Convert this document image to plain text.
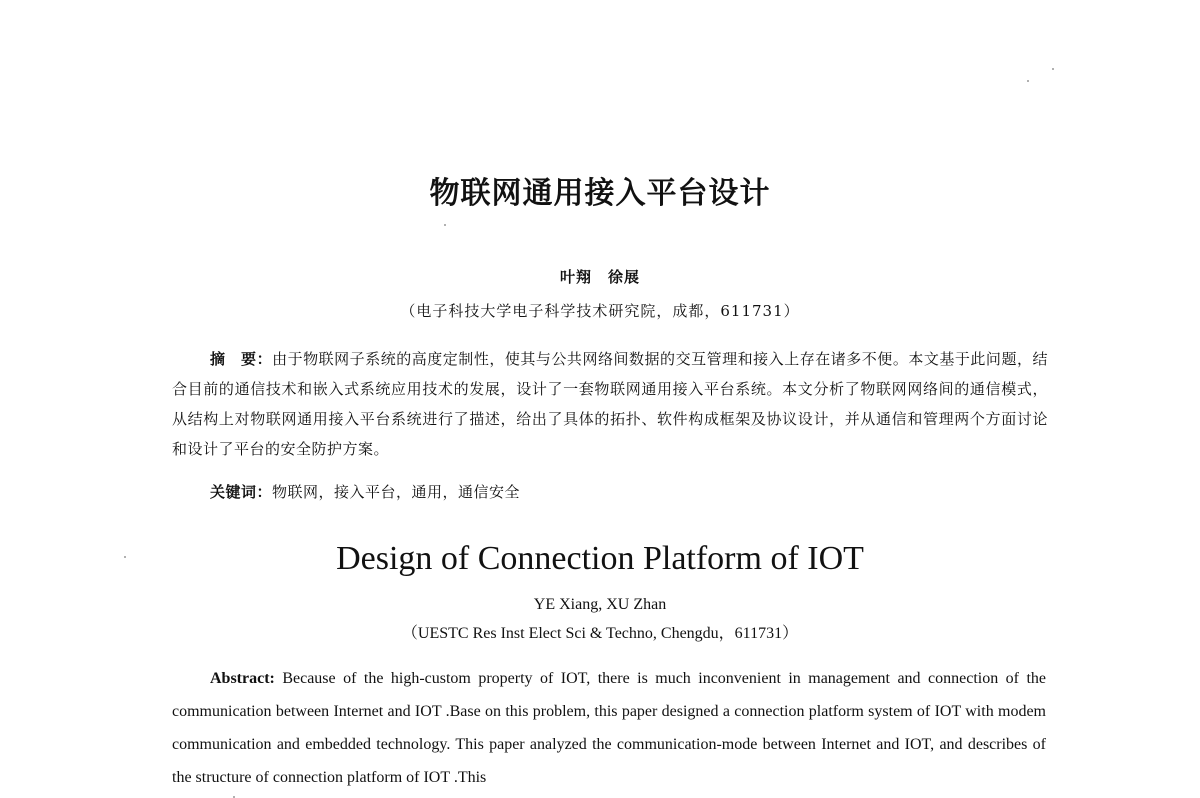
物联网通用接入平台设计
叶翔　徐展
（电子科技大学电子科学技术研究院，成都，611731）
摘　要：由于物联网子系统的高度定制性，使其与公共网络间数据的交互管理和接入上存在诸多不便。本文基于此问题，结合目前的通信技术和嵌入式系统应用技术的发展，设计了一套物联网通用接入平台系统。本文分析了物联网网络间的通信模式，从结构上对物联网通用接入平台系统进行了描述，给出了具体的拓扑、软件构成框架及协议设计，并从通信和管理两个方面讨论和设计了平台的安全防护方案。
关键词：物联网，接入平台，通用，通信安全
Design of Connection Platform of IOT
YE Xiang, XU Zhan
（UESTC Res Inst Elect Sci & Techno, Chengdu，611731）
Abstract: Because of the high-custom property of IOT, there is much inconvenient in management and connection of the communication between Internet and IOT .Base on this problem, this paper designed a connection platform system of IOT with modem communication and embedded technology. This paper analyzed the communication-mode between Internet and IOT, and describes of the structure of connection platform of IOT .This
